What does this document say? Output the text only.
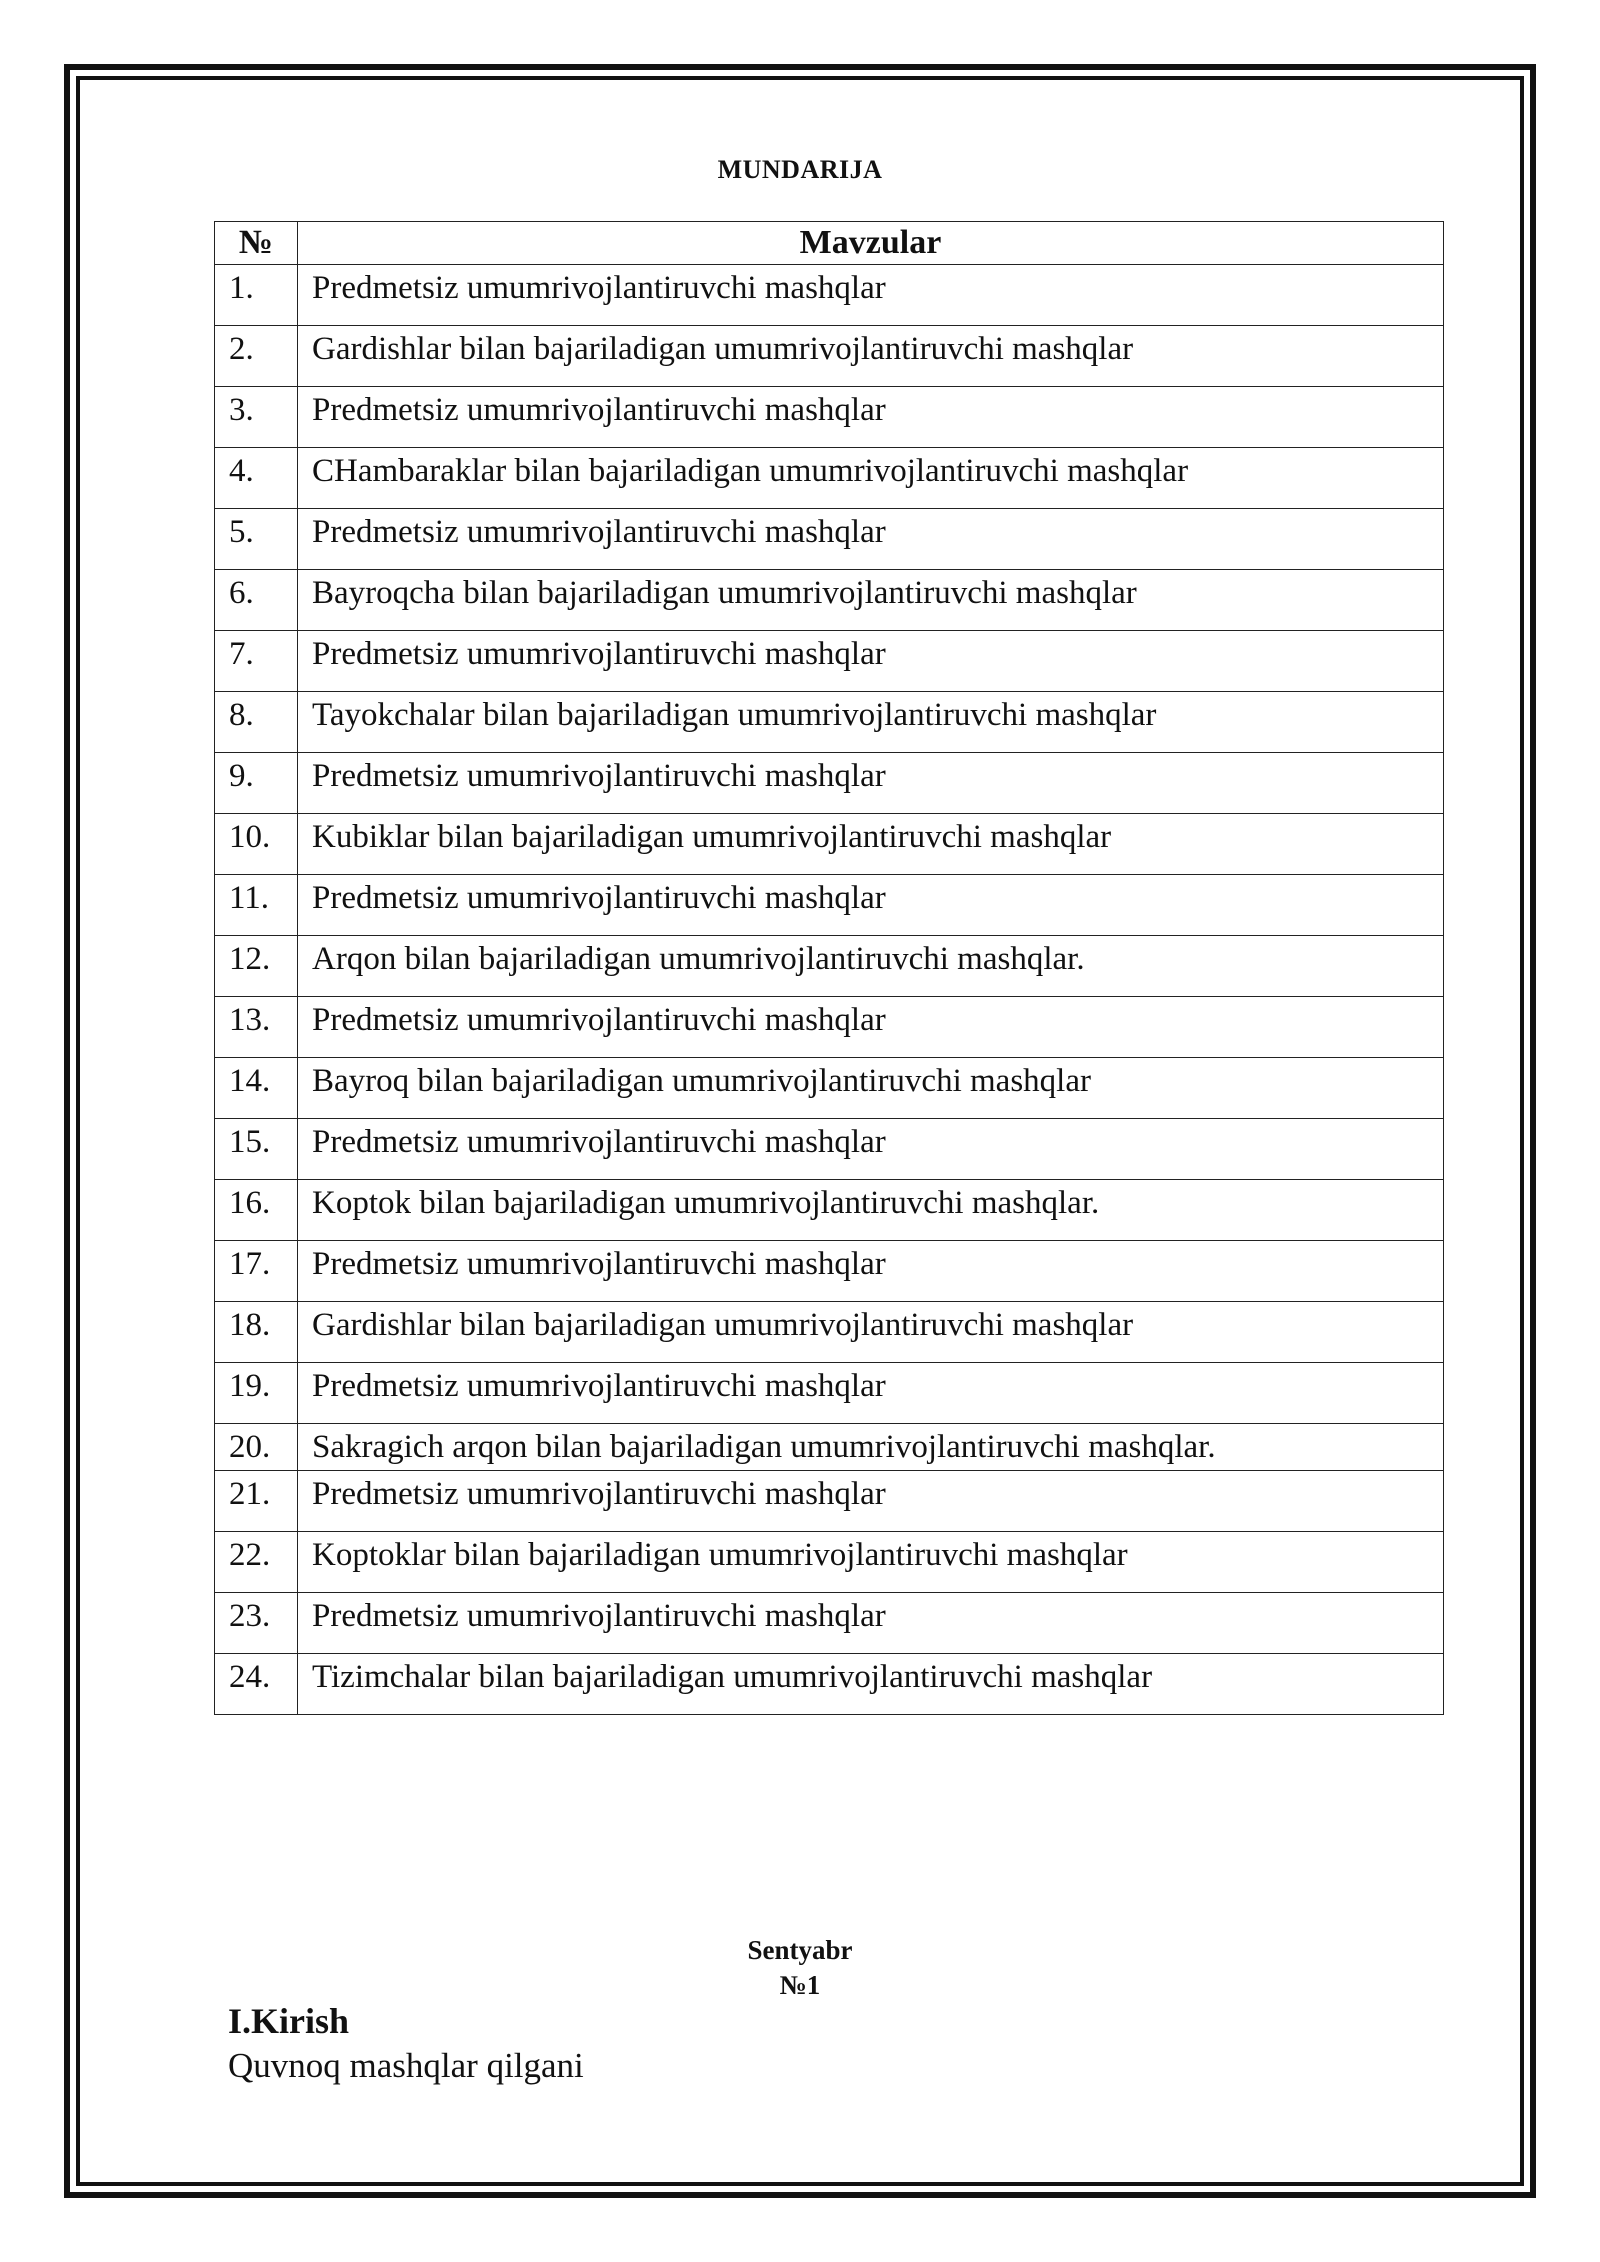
MUNDARIJA
№	Mavzular
1.	Predmetsiz umumrivojlantiruvchi mashqlar
2.	Gardishlar bilan bajariladigan umumrivojlantiruvchi mashqlar
3.	Predmetsiz umumrivojlantiruvchi mashqlar
4.	CHambaraklar bilan bajariladigan umumrivojlantiruvchi mashqlar
5.	Predmetsiz umumrivojlantiruvchi mashqlar
6.	Bayroqcha bilan bajariladigan umumrivojlantiruvchi mashqlar
7.	Predmetsiz umumrivojlantiruvchi mashqlar
8.	Tayokchalar bilan bajariladigan umumrivojlantiruvchi mashqlar
9.	Predmetsiz umumrivojlantiruvchi mashqlar
10.	Kubiklar bilan bajariladigan umumrivojlantiruvchi mashqlar
11.	Predmetsiz umumrivojlantiruvchi mashqlar
12.	Arqon bilan bajariladigan umumrivojlantiruvchi mashqlar.
13.	Predmetsiz umumrivojlantiruvchi mashqlar
14.	Bayroq bilan bajariladigan umumrivojlantiruvchi mashqlar
15.	Predmetsiz umumrivojlantiruvchi mashqlar
16.	Koptok bilan bajariladigan umumrivojlantiruvchi mashqlar.
17.	Predmetsiz umumrivojlantiruvchi mashqlar
18.	Gardishlar bilan bajariladigan umumrivojlantiruvchi mashqlar
19.	Predmetsiz umumrivojlantiruvchi mashqlar
20.	Sakragich arqon bilan bajariladigan umumrivojlantiruvchi mashqlar.
21.	Predmetsiz umumrivojlantiruvchi mashqlar
22.	Koptoklar bilan bajariladigan umumrivojlantiruvchi mashqlar
23.	Predmetsiz umumrivojlantiruvchi mashqlar
24.	Tizimchalar bilan bajariladigan umumrivojlantiruvchi mashqlar
Sentyabr
№1
I.Kirish
Quvnoq mashqlar qilgani
